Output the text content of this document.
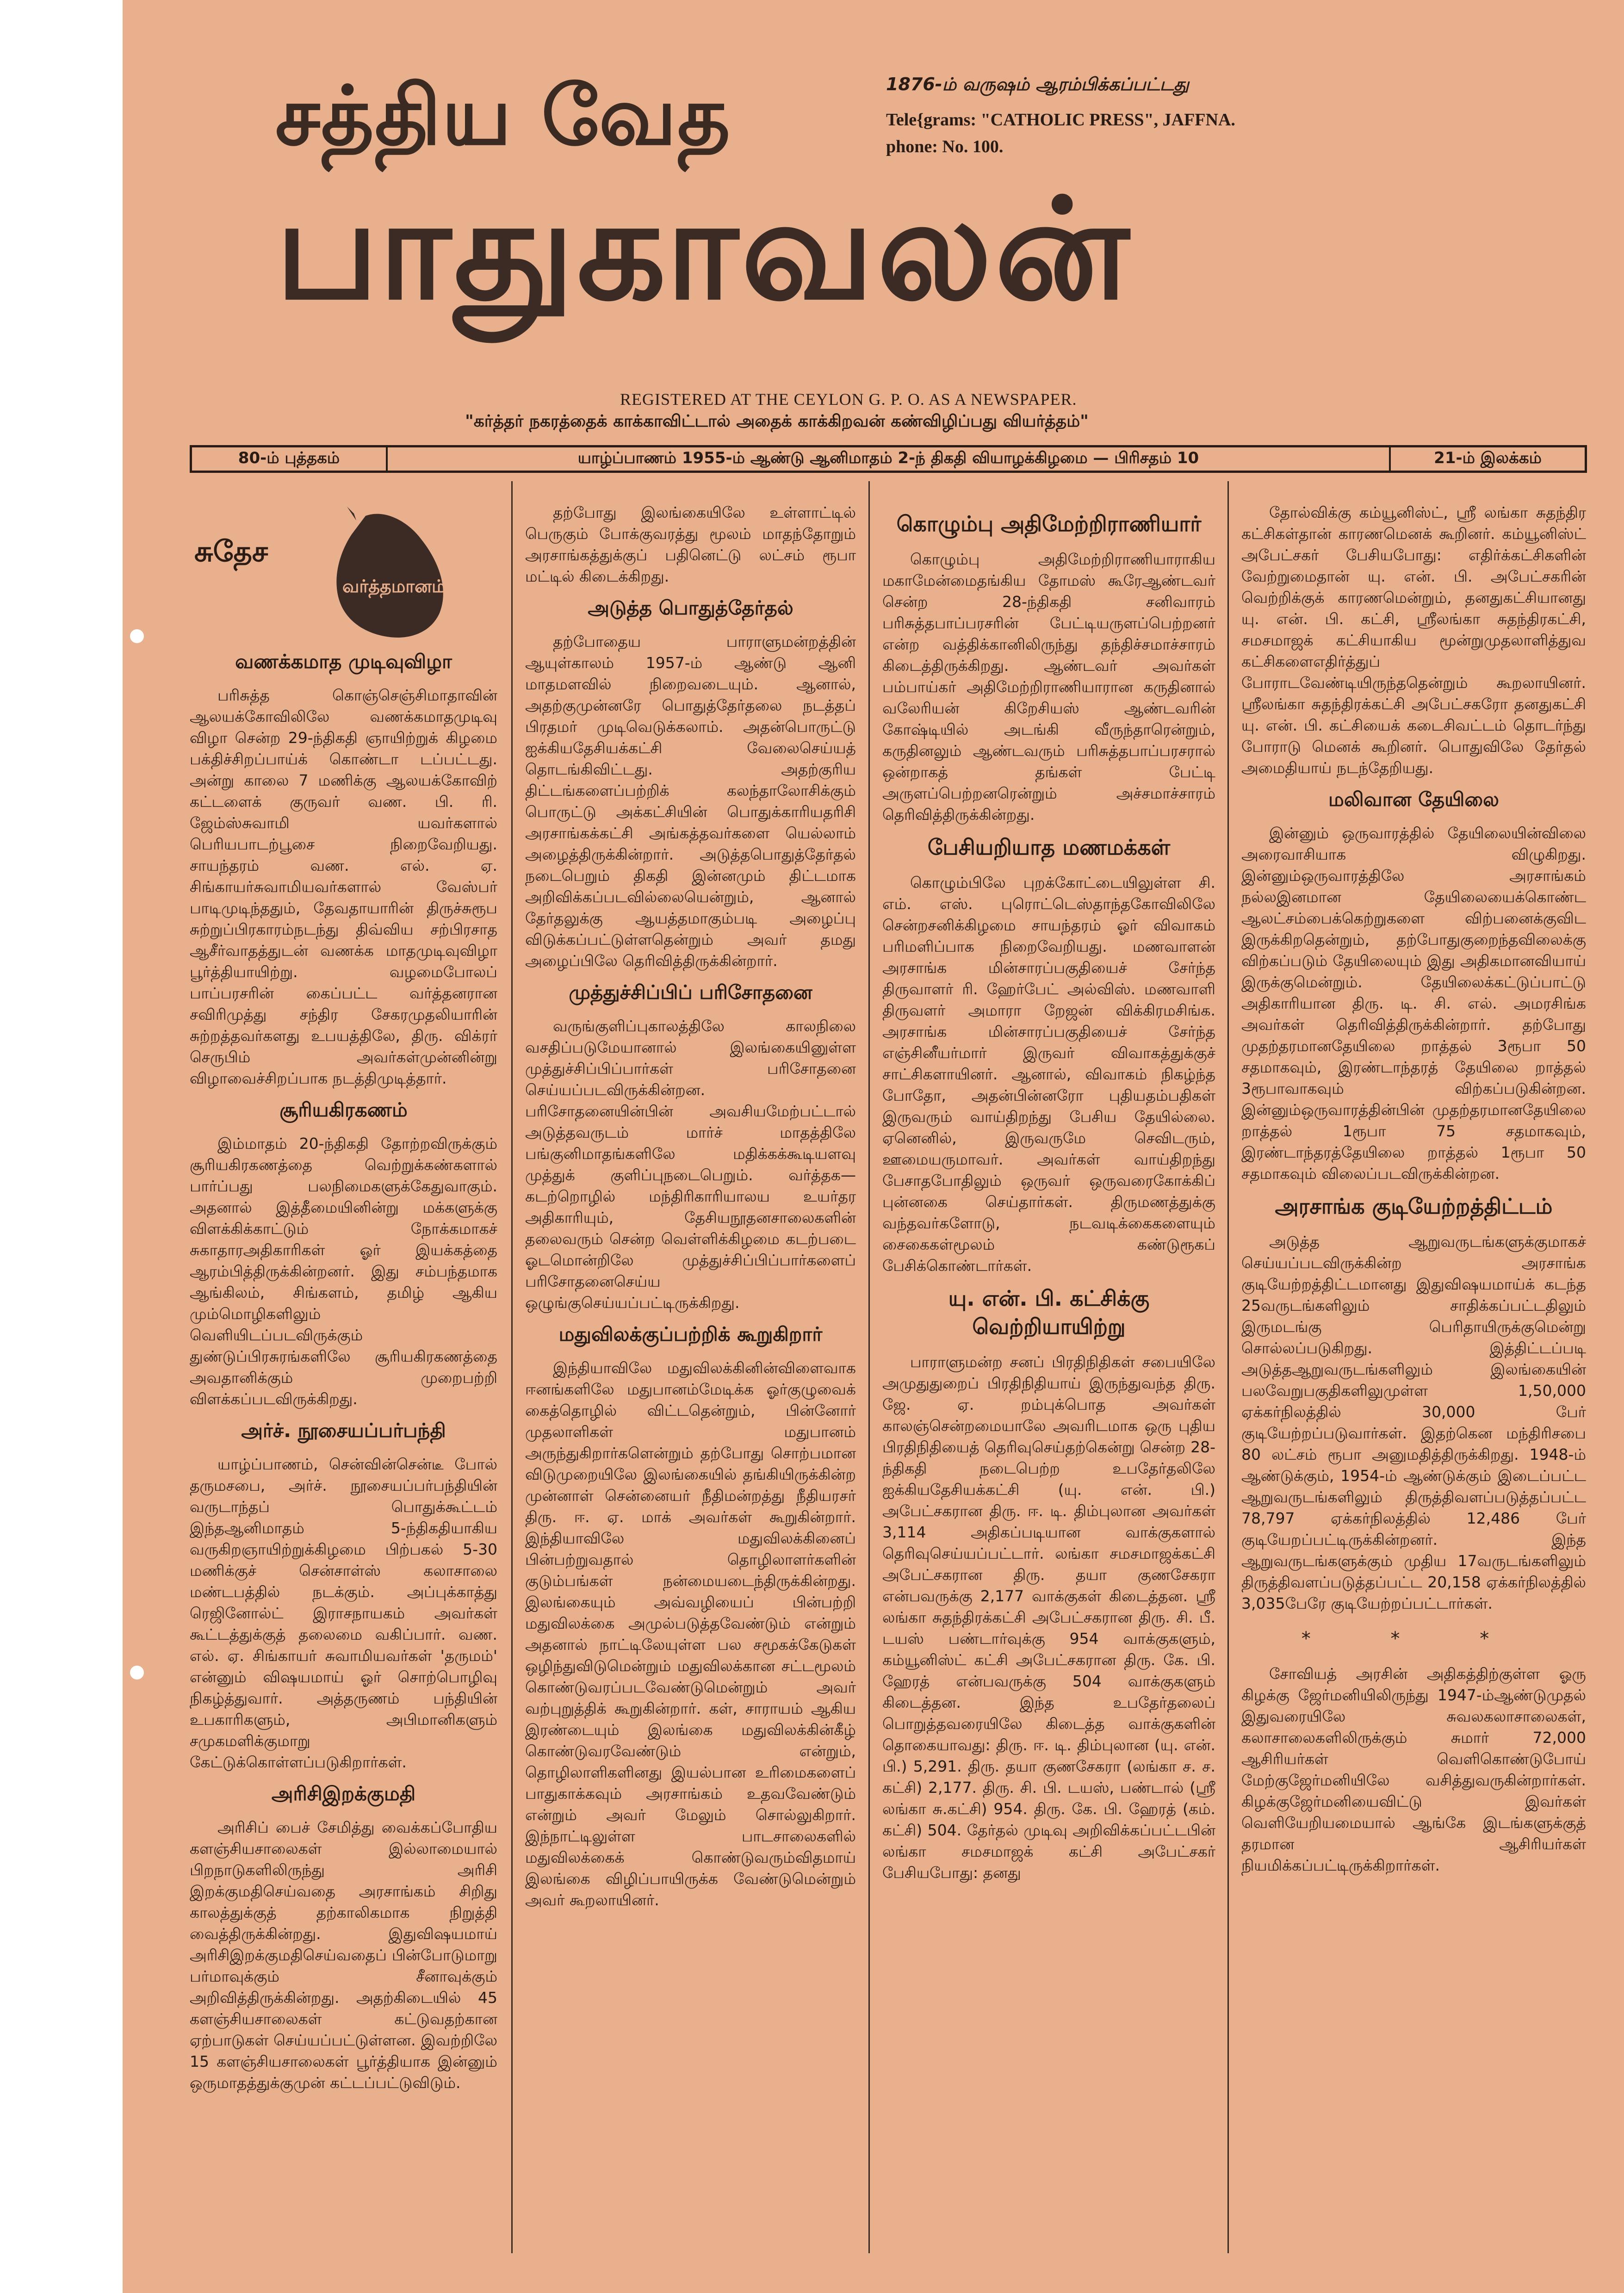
சத்திய வேத
பாதுகாவலன்
1876-ம் வருஷம் ஆரம்பிக்கப்பட்டது
Tele{grams: "CATHOLIC PRESS", JAFFNA.
phone: No. 100.
REGISTERED AT THE CEYLON G. P. O. AS A NEWSPAPER.
"கர்த்தர் நகரத்தைக் காக்காவிட்டால் அதைக் காக்கிறவன் கண்விழிப்பது வியர்த்தம்"
80-ம் புத்தகம்	யாழ்ப்பாணம் 1955-ம் ஆண்டு ஆனிமாதம் 2-ந் திகதி வியாழக்கிழமை — பிரிசதம் 10	21-ம் இலக்கம்
சுதேச
வர்த்தமானம்
வணக்கமாத முடிவுவிழா

பரிசுத்த கொஞ்செஞ்சிமாதாவின் ஆலயக்கோவிலிலே வணக்கமாதமுடிவு விழா சென்ற 29-ந்திகதி ஞாயிற்றுக் கிழமை பக்திச்சிறப்பாய்க் கொண்டா டப்பட்டது. அன்று காலை 7 மணிக்கு ஆலயக்கோவிற் கட்டளைக் குருவர் வண. பி. ரி. ஜேம்ஸ்சுவாமி யவர்களால் பெரியபாடற்பூசை நிறைவேறியது. சாயந்தரம் வண. எல். ஏ. சிங்காயர்சுவாமியவர்களால் வேஸ்பர் பாடிமுடிந்ததும், தேவதாயாரின் திருச்சுரூப சுற்றுப்பிரகாரம்நடந்து திவ்விய சற்பிரசாத ஆசீர்வாதத்துடன் வணக்க மாதமுடிவுவிழா பூர்த்தியாயிற்று. வழமைபோலப் பாப்பரசரின் கைப்பட்ட வர்த்தனரான சவிரிமுத்து சந்திர சேகரமுதலியாரின் சுற்றத்தவர்களது உபயத்திலே, திரு. விக்ரர் செருபிம் அவர்கள்முன்னின்று விழாவைச்சிறப்பாக நடத்திமுடித்தார்.

சூரியகிரகணம்

இம்மாதம் 20-ந்திகதி தோற்றவிருக்கும் சூரியகிரகணத்தை வெற்றுக்கண்களால் பார்ப்பது பலநிமைகளுக்கேதுவாகும். அதனால் இத்தீமையினின்று மக்களுக்கு விளக்கிக்காட்டும் நோக்கமாகச் சுகாதாரஅதிகாரிகள் ஓர் இயக்கத்தை ஆரம்பித்திருக்கின்றனர். இது சம்பந்தமாக ஆங்கிலம், சிங்களம், தமிழ் ஆகிய மும்மொழிகளிலும் வெளியிடப்படவிருக்கும் துண்டுப்பிரசுரங்களிலே சூரியகிரகணத்தை அவதானிக்கும் முறைபற்றி விளக்கப்படவிருக்கிறது.

அர்ச். நூசையப்பர்பந்தி

யாழ்ப்பாணம், சென்வின்சென்டீ போல் தருமசபை, அர்ச். நூசையப்பர்பந்தியின் வருடாந்தப் பொதுக்கூட்டம் இந்தஆனிமாதம் 5-ந்திகதியாகிய வருகிறஞாயிற்றுக்கிழமை பிற்பகல் 5-30 மணிக்குச் சென்சாள்ஸ் கலாசாலை மண்டபத்தில் நடக்கும். அப்புக்காத்து ரெஜினோல்ட் இராசநாயகம் அவர்கள் கூட்டத்துக்குத் தலைமை வகிப்பார். வண. எல். ஏ. சிங்காயர் சுவாமியவர்கள் 'தருமம்' என்னும் விஷயமாய் ஓர் சொற்பொழிவு நிகழ்த்துவார். அத்தருணம் பந்தியின் உபகாரிகளும், அபிமானிகளும் சமுகமளிக்குமாறு கேட்டுக்கொள்ளப்படுகிறார்கள்.

அரிசிஇறக்குமதி

அரிசிப் பைச் சேமித்து வைக்கப்போதிய களஞ்சியசாலைகள் இல்லாமையால் பிறநாடுகளிலிருந்து அரிசி இறக்குமதிசெய்வதை அரசாங்கம் சிறிது காலத்துக்குத் தற்காலிகமாக நிறுத்தி வைத்திருக்கின்றது. இதுவிஷயமாய் அரிசிஇறக்குமதிசெய்வதைப் பின்போடுமாறு பர்மாவுக்கும் சீனாவுக்கும் அறிவித்திருக்கின்றது. அதற்கிடையில் 45 களஞ்சியசாலைகள் கட்டுவதற்கான ஏற்பாடுகள் செய்யப்பட்டுள்ளன. இவற்றிலே 15 களஞ்சியசாலைகள் பூர்த்தியாக இன்னும் ஒருமாதத்துக்குமுன் கட்டப்பட்டுவிடும்.

தற்போது இலங்கையிலே உள்ளாட்டில் பெருகும் போக்குவரத்து மூலம் மாதந்தோறும் அரசாங்கத்துக்குப் பதினெட்டு லட்சம் ரூபா மட்டில் கிடைக்கிறது.

அடுத்த பொதுத்தேர்தல்

தற்போதைய பாராளுமன்றத்தின் ஆயுள்காலம் 1957-ம் ஆண்டு ஆனி மாதமளவில் நிறைவடையும். ஆனால், அதற்குமுன்னரே பொதுத்தேர்தலை நடத்தப் பிரதமர் முடிவெடுக்கலாம். அதன்பொருட்டு ஐக்கியதேசியக்கட்சி வேலைசெய்யத் தொடங்கிவிட்டது. அதற்குரிய திட்டங்களைப்பற்றிக் கலந்தாலோசிக்கும் பொருட்டு அக்கட்சியின் பொதுக்காரியதரிசி அரசாங்கக்கட்சி அங்கத்தவர்களை யெல்லாம் அழைத்திருக்கின்றார். அடுத்தபொதுத்தேர்தல் நடைபெறும் திகதி இன்னமும் திட்டமாக அறிவிக்கப்படவில்லையென்றும், ஆனால் தேர்தலுக்கு ஆயத்தமாகும்படி அழைப்பு விடுக்கப்பட்டுள்ளதென்றும் அவர் தமது அழைப்பிலே தெரிவித்திருக்கின்றார்.

முத்துச்சிப்பிப் பரிசோதனை

வருங்குளிப்புகாலத்திலே காலநிலை வசதிப்படுமேயானால் இலங்கையினுள்ள முத்துச்சிப்பிப்பார்கள் பரிசோதனை செய்யப்படவிருக்கின்றன. பரிசோதனையின்பின் அவசியமேற்பட்டால் அடுத்தவருடம் மார்ச் மாதத்திலே பங்குனிமாதங்களிலே மதிக்கக்கூடியளவு முத்துக் குளிப்புநடைபெறும். வர்த்தக—கடற்றொழில் மந்திரிகாரியாலய உயர்தர அதிகாரியும், தேசியநூதனசாலைகளின் தலைவரும் சென்ற வெள்ளிக்கிழமை கடற்படை ஓடமொன்றிலே முத்துச்சிப்பிப்பார்களைப் பரிசோதனைசெய்ய ஒழுங்குசெய்யப்பட்டிருக்கிறது.

மதுவிலக்குப்பற்றிக் கூறுகிறார்

இந்தியாவிலே மதுவிலக்கினின்விளைவாக ஈனங்களிலே மதுபானம்மேடிக்க ஓர்குழுவைக் கைத்தொழில் விட்டதென்றும், பின்னோர் முதலாளிகள் மதுபானம் அருந்துகிறார்களென்றும் தற்போது சொற்பமான விடுமுறையிலே இலங்கையில் தங்கியிருக்கின்ற முன்னாள் சென்னையர் நீதிமன்றத்து நீதியரசர் திரு. ஈ. ஏ. மாக் அவர்கள் கூறுகின்றார். இந்தியாவிலே மதுவிலக்கினைப் பின்பற்றுவதால் தொழிலாளர்களின் குடும்பங்கள் நன்மையடைந்திருக்கின்றது. இலங்கையும் அவ்வழியைப் பின்பற்றி மதுவிலக்கை அமுல்படுத்தவேண்டும் என்றும் அதனால் நாட்டிலேயுள்ள பல சமூகக்கேடுகள் ஒழிந்துவிடுமென்றும் மதுவிலக்கான சட்டமூலம் கொண்டுவரப்படவேண்டுமென்றும் அவர் வற்புறுத்திக் கூறுகின்றார். கள், சாராயம் ஆகிய இரண்டையும் இலங்கை மதுவிலக்கின்கீழ் கொண்டுவரவேண்டும் என்றும், தொழிலாளிகளினது இயல்பான உரிமைகளைப் பாதுகாக்கவும் அரசாங்கம் உதவவேண்டும் என்றும் அவர் மேலும் சொல்லுகிறார். இந்நாட்டிலுள்ள பாடசாலைகளில் மதுவிலக்கைக் கொண்டுவரும்விதமாய் இலங்கை விழிப்பாயிருக்க வேண்டுமென்றும் அவர் கூறலாயினர்.

கொழும்பு அதிமேற்றிராணியார்

கொழும்பு அதிமேற்றிராணியாராகிய மகாமேன்மைதங்கிய தோமஸ் கூரேஆண்டவர் சென்ற 28-ந்திகதி சனிவாரம் பரிசுத்தபாப்பரசரின் பேட்டியருளப்பெற்றனர் என்ற வத்திக்கானிலிருந்து தந்திச்சமாச்சாரம் கிடைத்திருக்கிறது. ஆண்டவர் அவர்கள் பம்பாய்கர் அதிமேற்றிராணியாரான கருதினால் வலேரியன் கிறேசியஸ் ஆண்டவரின் கோஷ்டியில் அடங்கி வீருந்தாரென்றும், கருதினலும் ஆண்டவரும் பரிசுத்தபாப்பரசரால் ஒன்றாகத் தங்கள் பேட்டி அருளப்பெற்றனரென்றும் அச்சமாச்சாரம் தெரிவித்திருக்கின்றது.

பேசியறியாத மணமக்கள்

கொழும்பிலே புறக்கோட்டையிலுள்ள சி. எம். எஸ். புரொட்டெஸ்தாந்தகோவிலிலே சென்றசனிக்கிழமை சாயந்தரம் ஓர் விவாகம் பரிமளிப்பாக நிறைவேறியது. மணவாளன் அரசாங்க மின்சாரப்பகுதியைச் சேர்ந்த திருவாளர் ரி. ஹேர்பேட் அல்விஸ். மணவாளி திருவளர் அமாரா றேஜன் விக்கிரமசிங்க. அரசாங்க மின்சாரப்பகுதியைச் சேர்ந்த எஞ்சினீயர்மார் இருவர் விவாகத்துக்குச் சாட்சிகளாயினர். ஆனால், விவாகம் நிகழ்ந்த போதோ, அதன்பின்னரோ புதியதம்பதிகள் இருவரும் வாய்திறந்து பேசிய தேயில்லை. ஏனெனில், இருவருமே செவிடரும், ஊமையருமாவர். அவர்கள் வாய்திறந்து பேசாதபோதிலும் ஒருவர் ஒருவரைகோக்கிப் புன்னகை செய்தார்கள். திருமணத்துக்கு வந்தவர்களோடு, நடவடிக்கைகளையும் சைகைகள்மூலம் கண்டுரூகப் பேசிக்கொண்டார்கள்.

யு. என். பி. கட்சிக்கு வெற்றியாயிற்று

பாராளுமன்ற சனப் பிரதிநிதிகள் சபையிலே அமுதுதுறைப் பிரதிநிதியாய் இருந்துவந்த திரு. ஜே. ஏ. றம்புக்பொத அவர்கள் காலஞ்சென்றமையாலே அவரிடமாக ஒரு புதிய பிரதிநிதியைத் தெரிவுசெய்தற்கென்று சென்ற 28-ந்திகதி நடைபெற்ற உபதேர்தலிலே ஐக்கியதேசியக்கட்சி (யு. என். பி.) அபேட்சகரான திரு. ஈ. டி. திம்புலான அவர்கள் 3,114 அதிகப்படியான வாக்குகளால் தெரிவுசெய்யப்பட்டார். லங்கா சமசமாஜக்கட்சி அபேட்சகரான திரு. தயா குணசேகரா என்பவருக்கு 2,177 வாக்குகள் கிடைத்தன. ஸ்ரீ லங்கா சுதந்திரக்கட்சி அபேட்சகரான திரு. சி. பீ. டயஸ் பண்டார்வுக்கு 954 வாக்குகளும், கம்யூனிஸ்ட் கட்சி அபேட்சகரான திரு. கே. பி. ஹேரத் என்பவருக்கு 504 வாக்குகளும் கிடைத்தன. இந்த உபதேர்தலைப் பொறுத்தவரையிலே கிடைத்த வாக்குகளின் தொகையாவது: திரு. ஈ. டி. திம்புலான (யு. என். பி.) 5,291. திரு. தயா குணசேகரா (லங்கா ச. ச. கட்சி) 2,177. திரு. சி. பி. டயஸ், பண்டால் (ஸ்ரீ லங்கா சு.கட்சி) 954. திரு. கே. பி. ஹேரத் (கம். கட்சி) 504. தேர்தல் முடிவு அறிவிக்கப்பட்டபின் லங்கா சமசமாஜக் கட்சி அபேட்சகர் பேசியபோது: தனது

தோல்விக்கு கம்யூனிஸ்ட், ஸ்ரீ லங்கா சுதந்திர கட்சிகள்தான் காரணமெனக் கூறினர். கம்யூனிஸ்ட் அபேட்சகர் பேசியபோது: எதிர்க்கட்சிகளின் வேற்றுமைதான் யு. என். பி. அபேட்சகரின் வெற்றிக்குக் காரணமென்றும், தனதுகட்சியானது யு. என். பி. கட்சி, ஸ்ரீலங்கா சுதந்திரகட்சி, சமசமாஜக் கட்சியாகிய மூன்றுமுதலாளித்துவ கட்சிகளைஎதிர்த்துப் போராடவேண்டியிருந்ததென்றும் கூறலாயினர். ஸ்ரீலங்கா சுதந்திரக்கட்சி அபேட்சகரோ தனதுகட்சி யு. என். பி. கட்சியைக் கடைசிவட்டம் தொடர்ந்து போராடு மெனக் கூறினர். பொதுவிலே தேர்தல் அமைதியாய் நடந்தேறியது.

மலிவான தேயிலை

இன்னும் ஒருவாரத்தில் தேயிலையின்விலை அரைவாசியாக விழுகிறது. இன்னும்ஒருவாரத்திலே அரசாங்கம் நல்லஇனமான தேயிலையைக்கொண்ட ஆலட்சம்பைக்கெற்றுகளை விற்பனைக்குவிட இருக்கிறதென்றும், தற்போதுகுறைந்தவிலைக்கு விற்கப்படும் தேயிலையும் இது அதிகமானவியாய் இருக்குமென்றும். தேயிலைக்கட்டுப்பாட்டு அதிகாரியான திரு. டி. சி. எல். அமரசிங்க அவர்கள் தெரிவித்திருக்கின்றார். தற்போது முதற்தரமானதேயிலை றாத்தல் 3ரூபா 50 சதமாகவும், இரண்டாந்தரத் தேயிலை றாத்தல் 3ரூபாவாகவும் விற்கப்படுகின்றன. இன்னும்ஒருவாரத்தின்பின் முதற்தரமானதேயிலை றாத்தல் 1ரூபா 75 சதமாகவும், இரண்டாந்தரத்தேயிலை றாத்தல் 1ரூபா 50 சதமாகவும் விலைப்படவிருக்கின்றன.

அரசாங்க குடியேற்றத்திட்டம்

அடுத்த ஆறுவருடங்களுக்குமாகச் செய்யப்படவிருக்கின்ற அரசாங்க குடியேற்றத்திட்டமானது இதுவிஷயமாய்க் கடந்த 25வருடங்களிலும் சாதிக்கப்பட்டதிலும் இருமடங்கு பெரிதாயிருக்குமென்று சொல்லப்படுகிறது. இத்திட்டப்படி அடுத்தஆறுவருடங்களிலும் இலங்கையின் பலவேறுபகுதிகளிலுமுள்ள 1,50,000 ஏக்கர்நிலத்தில் 30,000 பேர் குடியேற்றப்படுவார்கள். இதற்கென மந்திரிசபை 80 லட்சம் ரூபா அனுமதித்திருக்கிறது. 1948-ம் ஆண்டுக்கும், 1954-ம் ஆண்டுக்கும் இடைப்பட்ட ஆறுவருடங்களிலும் திருத்திவளப்படுத்தப்பட்ட 78,797 ஏக்கர்நிலத்தில் 12,486 பேர் குடியேறப்பட்டிருக்கின்றனர். இந்த ஆறுவருடங்களுக்கும் முதிய 17வருடங்களிலும் திருத்திவளப்படுத்தப்பட்ட 20,158 ஏக்கர்நிலத்தில் 3,035பேரே குடியேற்றப்பட்டார்கள்.

* * *

சோவியத் அரசின் அதிகத்திற்குள்ள ஓரு கிழக்கு ஜேர்மனியிலிருந்து 1947-ம்ஆண்டுமுதல் இதுவரையிலே சுவலகலாசாலைகள், கலாசாலைகளிலிருக்கும் சுமார் 72,000 ஆசிரியர்கள் வெளிகொண்டுபோய் மேற்குஜேர்மனியிலே வசித்துவருகின்றார்கள். கிழக்குஜேர்மனியைவிட்டு இவர்கள் வெளியேறியமையால் ஆங்கே இடங்களுக்குத் தரமான ஆசிரியர்கள் நியமிக்கப்பட்டிருக்கிறார்கள்.
